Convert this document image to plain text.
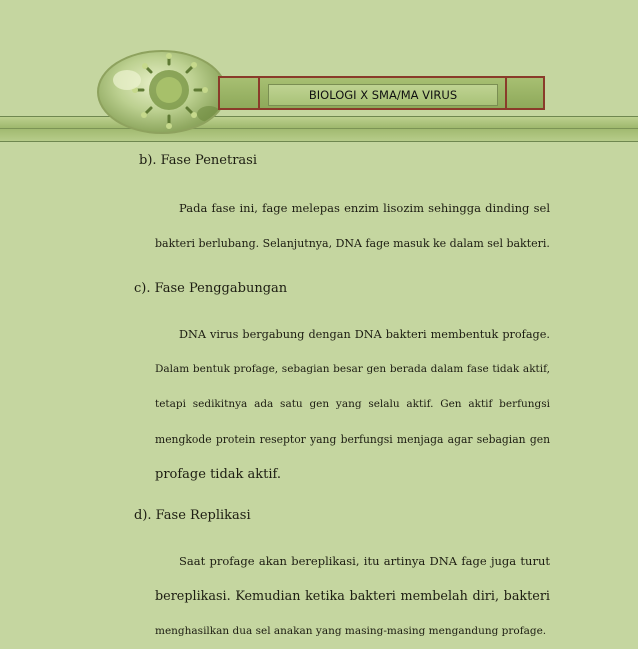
BIOLOGI X SMA/MA VIRUS
b). Fase Penetrasi
Pada fase ini, fage melepas enzim lisozim sehingga dinding sel
bakteri berlubang. Selanjutnya, DNA fage masuk ke dalam sel bakteri.
c). Fase Penggabungan
DNA virus bergabung dengan DNA bakteri membentuk profage.
Dalam bentuk profage, sebagian besar gen berada dalam fase tidak aktif,
tetapi sedikitnya ada satu gen yang selalu aktif. Gen aktif berfungsi
mengkode protein reseptor yang berfungsi menjaga agar sebagian gen
profage tidak aktif.
d). Fase Replikasi
Saat profage akan bereplikasi, itu artinya DNA fage juga turut
bereplikasi. Kemudian ketika bakteri membelah diri, bakteri
menghasilkan dua sel anakan yang masing-masing mengandung profage.
